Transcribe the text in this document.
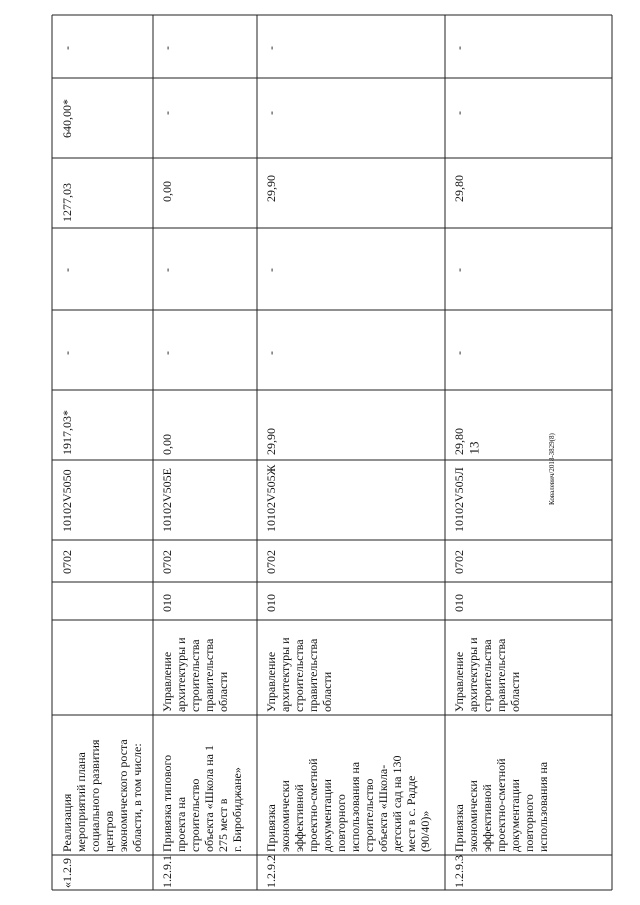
13	Ковалевич/2018-3829(8)
«1.2.9
Реализация
мероприятий плана
социального развития
центров
экономического роста
области, в том числе:
0702
10102V5050
1917,03*
-
-
1277,03
640,00*
-
1.2.9.1
Привязка типового
проекта на
строительство
объекта «Школа на 1
275 мест в
г. Биробиджане»
Управление
архитектуры и
строительства
правительства
области
010
0702
10102V505E
0,00
-
-
0,00
-
-
1.2.9.2
Привязка
экономически
эффективной
проектно-сметной
документации
повторного
использования на
строительство
объекта «Школа-
детский сад на 130
мест в с. Радде
(90/40)»
Управление
архитектуры и
строительства
правительства
области
010
0702
10102V505Ж
29,90
-
-
29,90
-
-
1.2.9.3
Привязка
экономически
эффективной
проектно-сметной
документации
повторного
использования на
Управление
архитектуры и
строительства
правительства
области
010
0702
10102V505Л
29,80
-
-
29,80
-
-
